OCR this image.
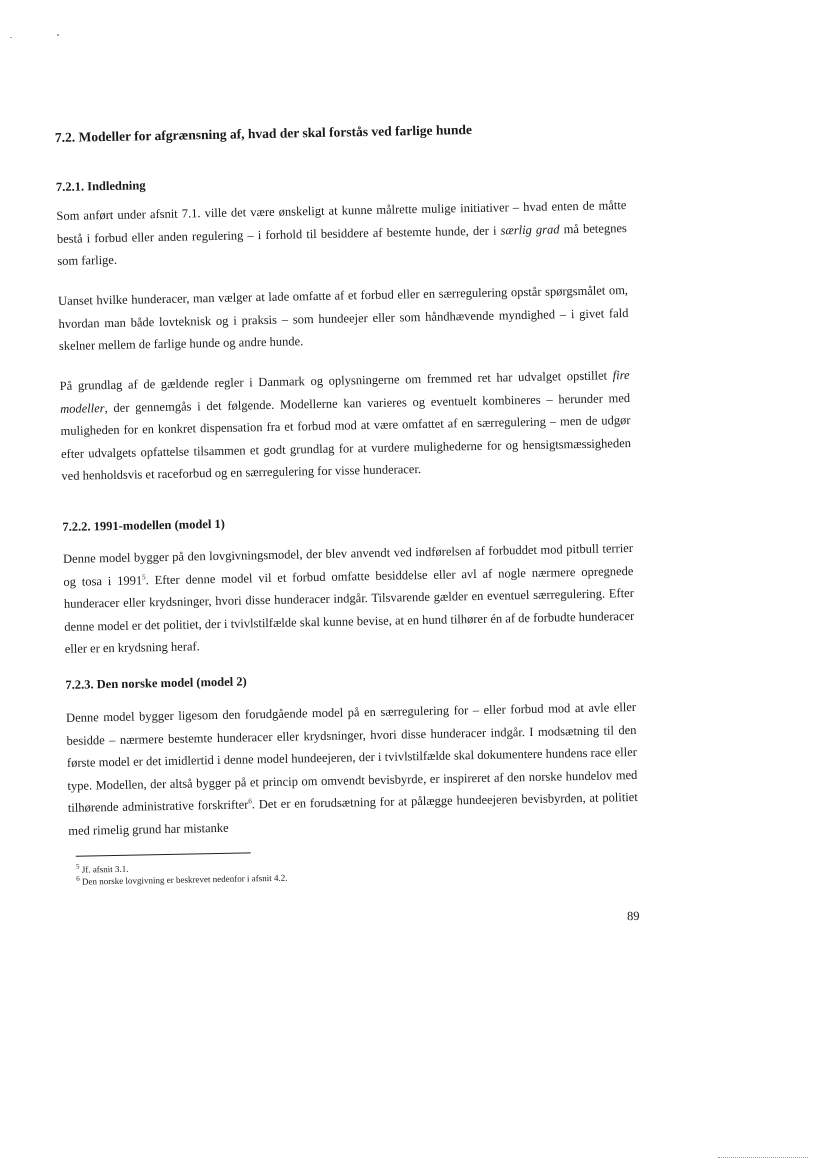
7.2. Modeller for afgrænsning af, hvad der skal forstås ved farlige hunde
7.2.1. Indledning
Som anført under afsnit 7.1. ville det være ønskeligt at kunne målrette mulige initiativer – hvad enten de måtte bestå i forbud eller anden regulering – i forhold til besiddere af bestemte hunde, der i særlig grad må betegnes som farlige.
Uanset hvilke hunderacer, man vælger at lade omfatte af et forbud eller en særregulering opstår spørgsmålet om, hvordan man både lovteknisk og i praksis – som hundeejer eller som håndhævende myndighed – i givet fald skelner mellem de farlige hunde og andre hunde.
På grundlag af de gældende regler i Danmark og oplysningerne om fremmed ret har udvalget opstillet fire modeller, der gennemgås i det følgende. Modellerne kan varieres og eventuelt kombineres – herunder med muligheden for en konkret dispensation fra et forbud mod at være omfattet af en særregulering – men de udgør efter udvalgets opfattelse tilsammen et godt grundlag for at vurdere mulighederne for og hensigtsmæssigheden ved henholdsvis et raceforbud og en særregulering for visse hunderacer.
7.2.2. 1991-modellen (model 1)
Denne model bygger på den lovgivningsmodel, der blev anvendt ved indførelsen af forbuddet mod pitbull terrier og tosa i 1991$^5$. Efter denne model vil et forbud omfatte besiddelse eller avl af nogle nærmere opregnede hunderacer eller krydsninger, hvori disse hunderacer indgår. Tilsvarende gælder en eventuel særregulering. Efter denne model er det politiet, der i tvivlstilfælde skal kunne bevise, at en hund tilhører én af de forbudte hunderacer eller er en krydsning heraf.
7.2.3. Den norske model (model 2)
Denne model bygger ligesom den forudgående model på en særregulering for – eller forbud mod at avle eller besidde – nærmere bestemte hunderacer eller krydsninger, hvori disse hunderacer indgår. I modsætning til den første model er det imidlertid i denne model hundeejeren, der i tvivlstilfælde skal dokumentere hundens race eller type. Modellen, der altså bygger på et princip om omvendt bevisbyrde, er inspireret af den norske hundelov med tilhørende administrative forskrifter$^6$. Det er en forudsætning for at pålægge hundeejeren bevisbyrden, at politiet med rimelig grund har mistanke
$^5$ Jf. afsnit 3.1.
$^6$ Den norske lovgivning er beskrevet nedenfor i afsnit 4.2.
89
